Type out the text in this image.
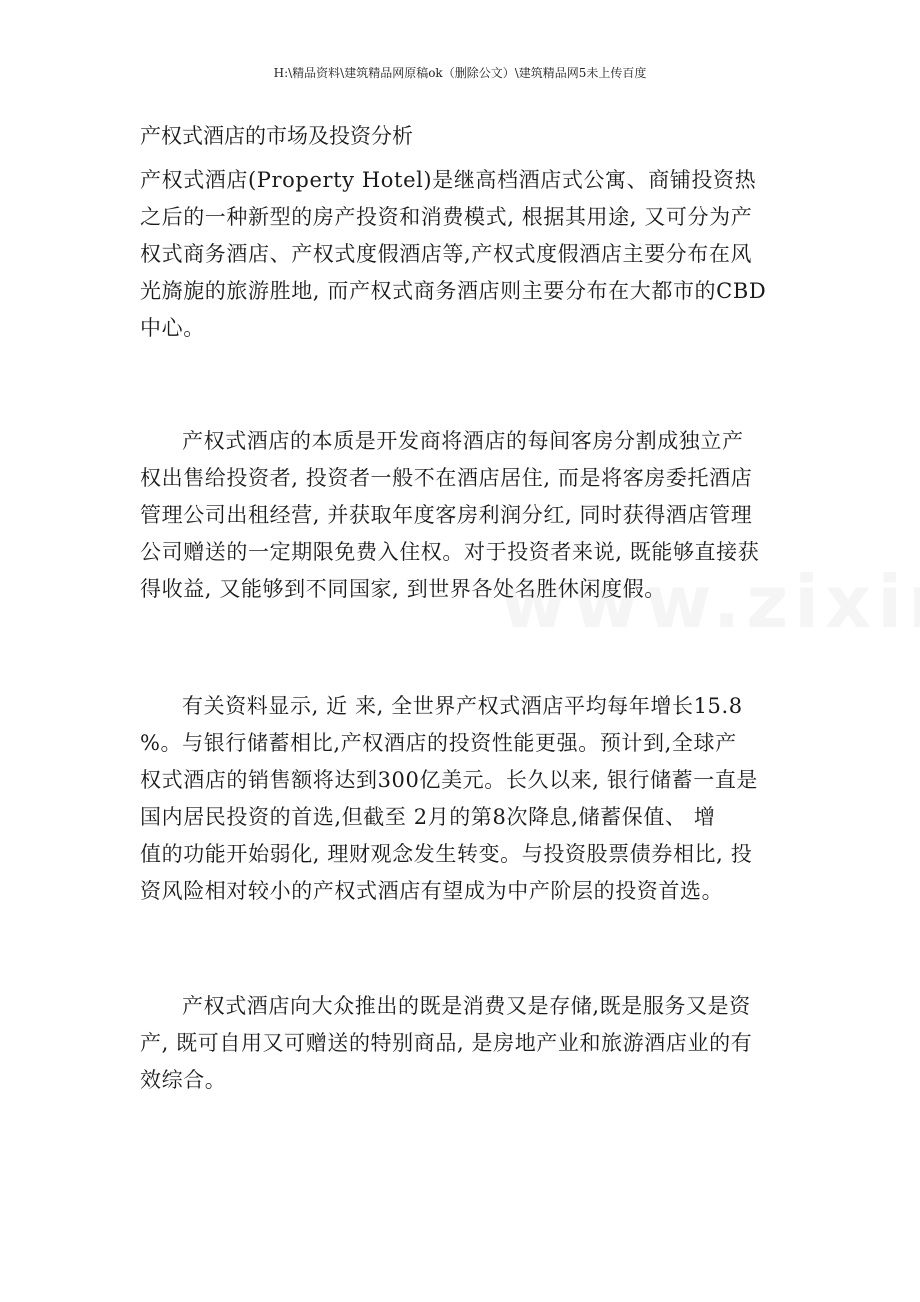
H:\精品资料\建筑精品网原稿ok（删除公文）\建筑精品网5未上传百度
产权式酒店的市场及投资分析

产权式酒店(Property Hotel)是继高档酒店式公寓、商铺投资热
之后的一种新型的房产投资和消费模式, 根据其用途, 又可分为产
权式商务酒店、产权式度假酒店等,产权式度假酒店主要分布在风
光旖旎的旅游胜地, 而产权式商务酒店则主要分布在大都市的CBD
中心。

产权式酒店的本质是开发商将酒店的每间客房分割成独立产
权出售给投资者, 投资者一般不在酒店居住, 而是将客房委托酒店
管理公司出租经营, 并获取年度客房利润分红, 同时获得酒店管理
公司赠送的一定期限免费入住权。对于投资者来说, 既能够直接获
得收益, 又能够到不同国家, 到世界各处名胜休闲度假。

有关资料显示, 近 来, 全世界产权式酒店平均每年增长15.8
%。与银行储蓄相比,产权酒店的投资性能更强。预计到,全球产
权式酒店的销售额将达到300亿美元。长久以来, 银行储蓄一直是
国内居民投资的首选,但截至 2月的第8次降息,储蓄保值、 增
值的功能开始弱化, 理财观念发生转变。与投资股票债券相比, 投
资风险相对较小的产权式酒店有望成为中产阶层的投资首选。

产权式酒店向大众推出的既是消费又是存储,既是服务又是资
产, 既可自用又可赠送的特别商品, 是房地产业和旅游酒店业的有
效综合。
